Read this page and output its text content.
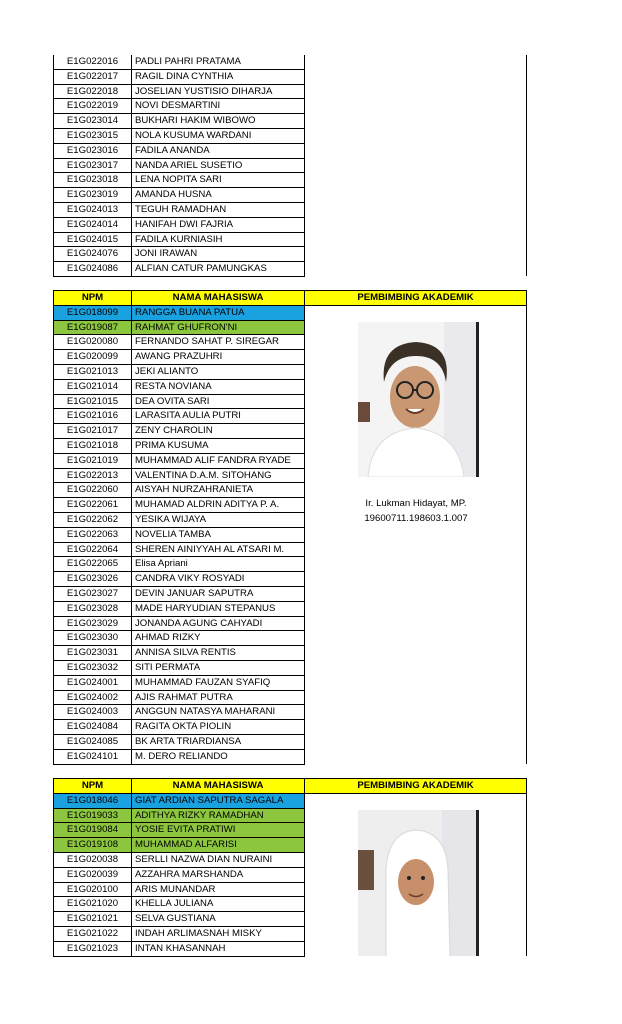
E1G022016	PADLI PAHRI PRATAMA	
E1G022017	RAGIL DINA CYNTHIA	
E1G022018	JOSELIAN YUSTISIO DIHARJA	
E1G022019	NOVI DESMARTINI	
E1G023014	BUKHARI HAKIM WIBOWO	
E1G023015	NOLA KUSUMA WARDANI	
E1G023016	FADILA ANANDA	
E1G023017	NANDA ARIEL SUSETIO	
E1G023018	LENA NOPITA SARI	
E1G023019	AMANDA HUSNA	
E1G024013	TEGUH RAMADHAN	
E1G024014	HANIFAH DWI FAJRIA	
E1G024015	FADILA KURNIASIH	
E1G024076	JONI IRAWAN	
E1G024086	ALFIAN CATUR PAMUNGKAS	
NPM	NAMA MAHASISWA	PEMBIMBING AKADEMIK
E1G018099	RANGGA BUANA PATUA	Ir. Lukman Hidayat, MP.
19600711.198603.1.007

E1G019087	RAHMAT GHUFRON'NI	
E1G020080	FERNANDO SAHAT P. SIREGAR	
E1G020099	AWANG PRAZUHRI	
E1G021013	JEKI ALIANTO	
E1G021014	RESTA NOVIANA	
E1G021015	DEA OVITA SARI	
E1G021016	LARASITA AULIA PUTRI	
E1G021017	ZENY CHAROLIN	
E1G021018	PRIMA KUSUMA	
E1G021019	MUHAMMAD ALIF FANDRA RYADE	
E1G022013	VALENTINA D.A.M. SITOHANG	
E1G022060	AISYAH NURZAHRANIETA	
E1G022061	MUHAMAD ALDRIN ADITYA P. A.	
E1G022062	YESIKA WIJAYA	
E1G022063	NOVELIA TAMBA	
E1G022064	SHEREN AINIYYAH AL ATSARI M.	
E1G022065	Elisa Apriani	
E1G023026	CANDRA VIKY ROSYADI	
E1G023027	DEVIN JANUAR SAPUTRA	
E1G023028	MADE HARYUDIAN STEPANUS	
E1G023029	JONANDA AGUNG CAHYADI	
E1G023030	AHMAD RIZKY	
E1G023031	ANNISA SILVA RENTIS	
E1G023032	SITI PERMATA	
E1G024001	MUHAMMAD FAUZAN SYAFIQ	
E1G024002	AJIS RAHMAT PUTRA	
E1G024003	ANGGUN NATASYA MAHARANI	
E1G024084	RAGITA OKTA PIOLIN	
E1G024085	BK ARTA TRIARDIANSA	
E1G024101	M. DERO RELIANDO	
NPM	NAMA MAHASISWA	PEMBIMBING AKADEMIK
E1G018046	GIAT ARDIAN SAPUTRA SAGALA	

E1G019033	ADITHYA RIZKY RAMADHAN	
E1G019084	YOSIE EVITA PRATIWI	
E1G019108	MUHAMMAD ALFARISI	
E1G020038	SERLLI NAZWA DIAN NURAINI	
E1G020039	AZZAHRA MARSHANDA	
E1G020100	ARIS MUNANDAR	
E1G021020	KHELLA JULIANA	
E1G021021	SELVA GUSTIANA	
E1G021022	INDAH ARLIMASNAH MISKY	
E1G021023	INTAN KHASANNAH	
